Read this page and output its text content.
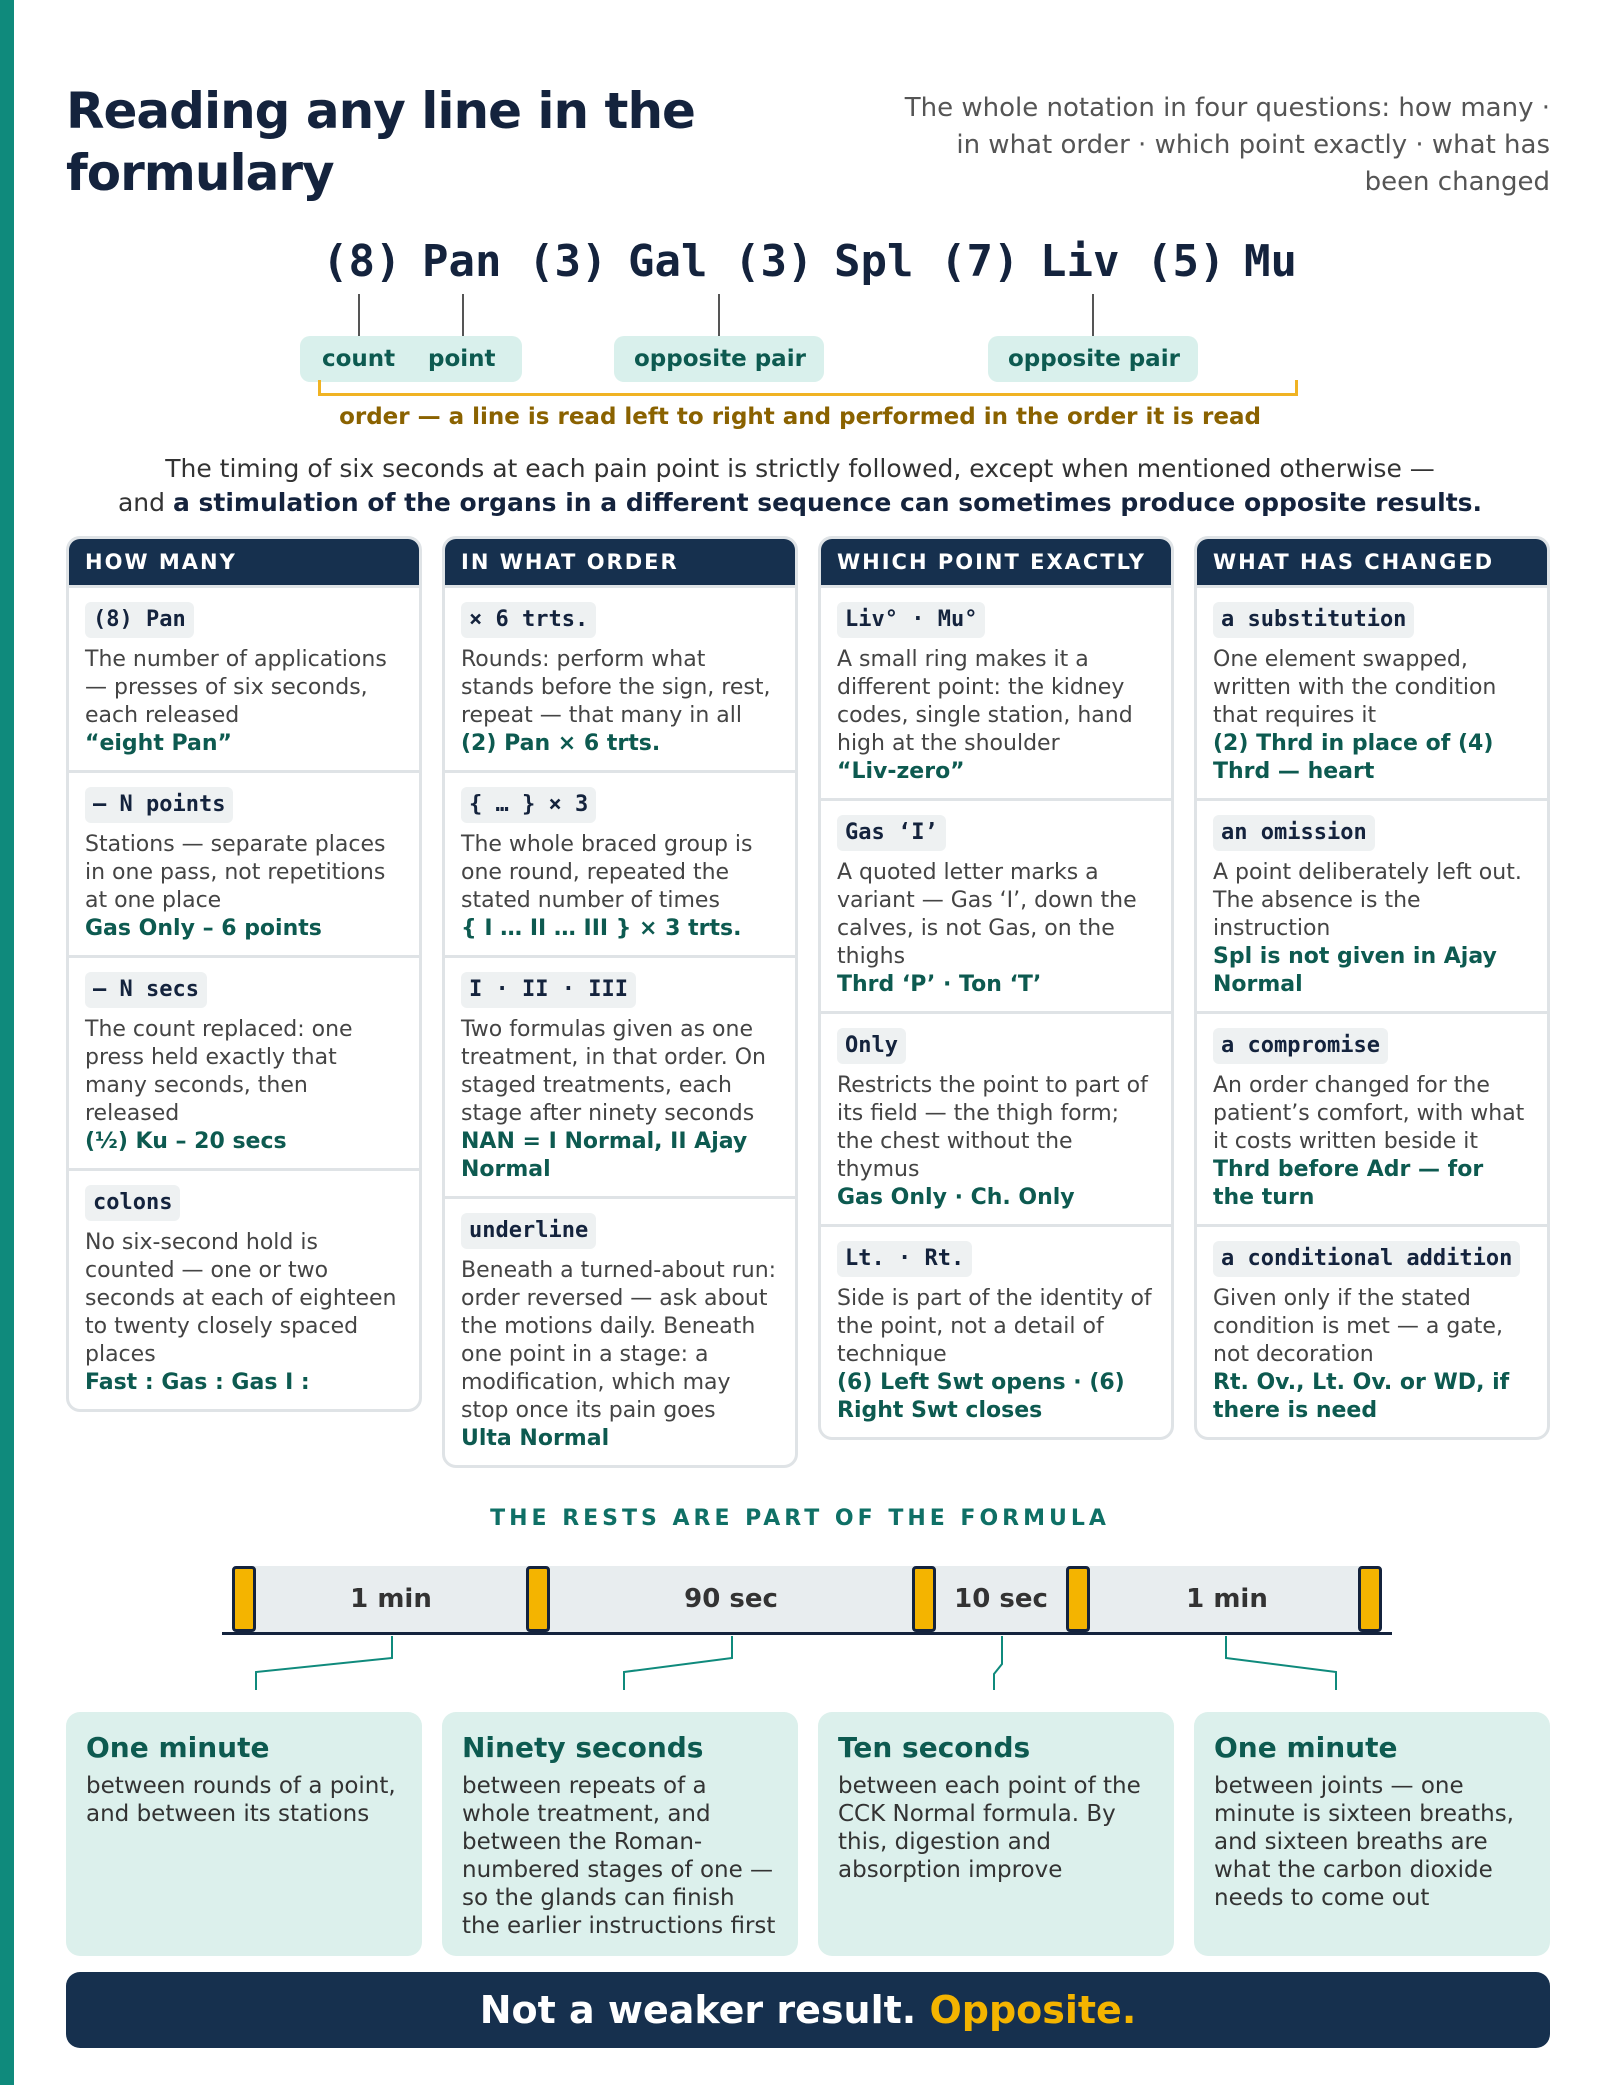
Reading any line in the formulary

The whole notation in four questions: how many · in what order · which point exactly · what has been changed

(8) Pan (3) Gal (3) Spl (7) Liv (5) Mu
count point	opposite pair	opposite pair
order — a line is read left to right and performed in the order it is read

The timing of six seconds at each pain point is strictly followed, except when mentioned otherwise —
and a stimulation of the organs in a different sequence can sometimes produce opposite results.

HOW MANY
(8) Pan
The number of applications — presses of six seconds, each released
“eight Pan”
— N points
Stations — separate places in one pass, not repetitions at one place
Gas Only – 6 points
— N secs
The count replaced: one press held exactly that many seconds, then released
(½) Ku – 20 secs
colons
No six-second hold is counted — one or two seconds at each of eighteen to twenty closely spaced places
Fast : Gas : Gas I :
IN WHAT ORDER
× 6 trts.
Rounds: perform what stands before the sign, rest, repeat — that many in all
(2) Pan × 6 trts.
{ … } × 3
The whole braced group is one round, repeated the stated number of times
{ I … II … III } × 3 trts.
I · II · III
Two formulas given as one treatment, in that order. On staged treatments, each stage after ninety seconds
NAN = I Normal, II Ajay Normal
underline
Beneath a turned-about run: order reversed — ask about the motions daily. Beneath one point in a stage: a modification, which may stop once its pain goes
Ulta Normal
WHICH POINT EXACTLY
Liv° · Mu°
A small ring makes it a different point: the kidney codes, single station, hand high at the shoulder
“Liv-zero”
Gas ‘I’
A quoted letter marks a variant — Gas ‘I’, down the calves, is not Gas, on the thighs
Thrd ‘P’ · Ton ‘T’
Only
Restricts the point to part of its field — the thigh form; the chest without the thymus
Gas Only · Ch. Only
Lt. · Rt.
Side is part of the identity of the point, not a detail of technique
(6) Left Swt opens · (6) Right Swt closes
WHAT HAS CHANGED
a substitution
One element swapped, written with the condition that requires it
(2) Thrd in place of (4) Thrd — heart
an omission
A point deliberately left out. The absence is the instruction
Spl is not given in Ajay Normal
a compromise
An order changed for the patient’s comfort, with what it costs written beside it
Thrd before Adr — for the turn
a conditional addition
Given only if the stated condition is met — a gate, not decoration
Rt. Ov., Lt. Ov. or WD, if there is need
THE RESTS ARE PART OF THE FORMULA
1 min	90 sec	10 sec	1 min
One minute
between rounds of a point, and between its stations
Ninety seconds
between repeats of a whole treatment, and between the Roman-numbered stages of one — so the glands can finish the earlier instructions first
Ten seconds
between each point of the CCK Normal formula. By this, digestion and absorption improve
One minute
between joints — one minute is sixteen breaths, and sixteen breaths are what the carbon dioxide needs to come out
Not a weaker result. Opposite.
